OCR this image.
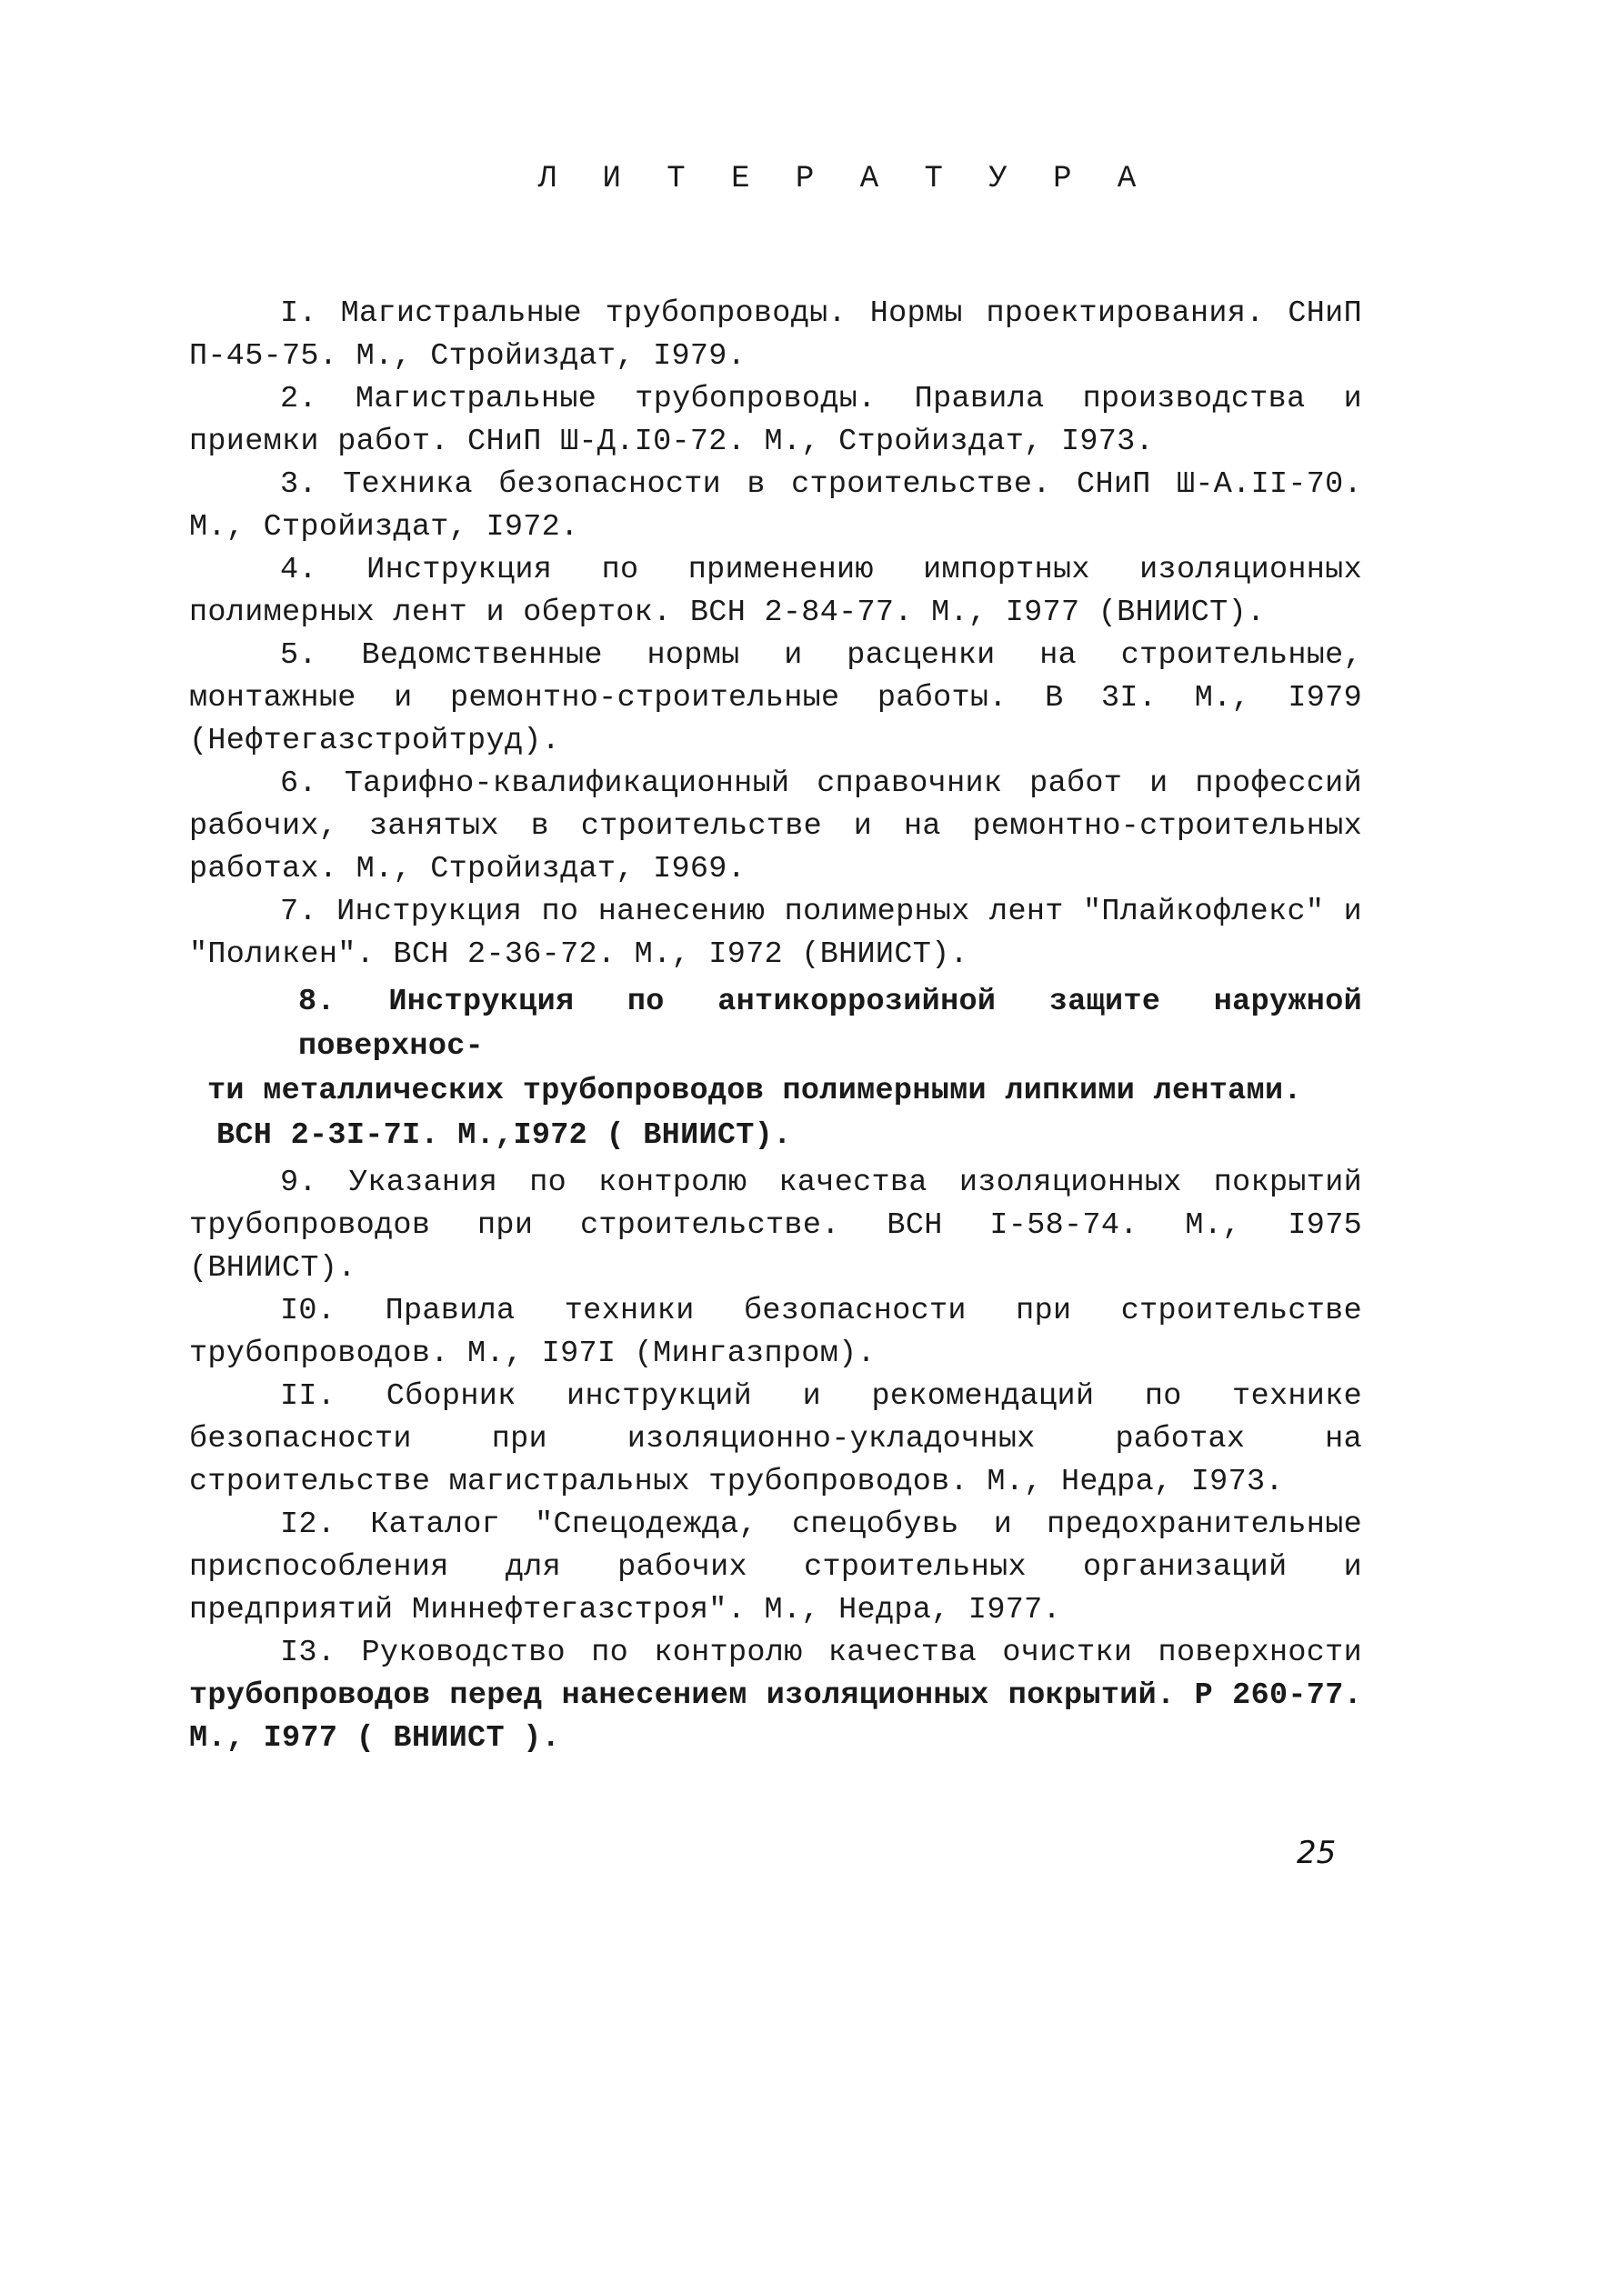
Л И Т Е Р А Т У Р А
I. Магистральные трубопроводы. Нормы проектирования. СНиП П-45-75. М., Стройиздат, I979.
2. Магистральные трубопроводы. Правила производства и приемки работ. СНиП Ш-Д.I0-72. М., Стройиздат, I973.
3. Техника безопасности в строительстве. СНиП Ш-А.II-70. М., Стройиздат, I972.
4. Инструкция по применению импортных изоляционных полимерных лент и оберток. ВСН 2-84-77. М., I977 (ВНИИСТ).
5. Ведомственные нормы и расценки на строительные, монтажные и ремонтно-строительные работы. В 3I. М., I979 (Нефтегазстройтруд).
6. Тарифно-квалификационный справочник работ и профессий рабочих, занятых в строительстве и на ремонтно-строительных работах. М., Стройиздат, I969.
7. Инструкция по нанесению полимерных лент "Плайкофлекс" и "Поликен". ВСН 2-36-72. М., I972 (ВНИИСТ).
8. Инструкция по антикоррозийной защите наружной поверхнос-
ти металлических трубопроводов полимерными липкими лентами.
ВСН 2-3I-7I. М.,I972 ( ВНИИСТ).
9. Указания по контролю качества изоляционных покрытий трубопроводов при строительстве. ВСН I-58-74. М., I975 (ВНИИСТ).
I0. Правила техники безопасности при строительстве трубопроводов. М., I97I (Мингазпром).
II. Сборник инструкций и рекомендаций по технике безопасности при изоляционно-укладочных работах на строительстве магистральных трубопроводов. М., Недра, I973.
I2. Каталог "Спецодежда, спецобувь и предохранительные приспособления для рабочих строительных организаций и предприятий Миннефтегазстроя". М., Недра, I977.
I3. Руководство по контролю качества очистки поверхности трубопроводов перед нанесением изоляционных покрытий. Р 260-77. М., I977 ( ВНИИСТ ).
25
